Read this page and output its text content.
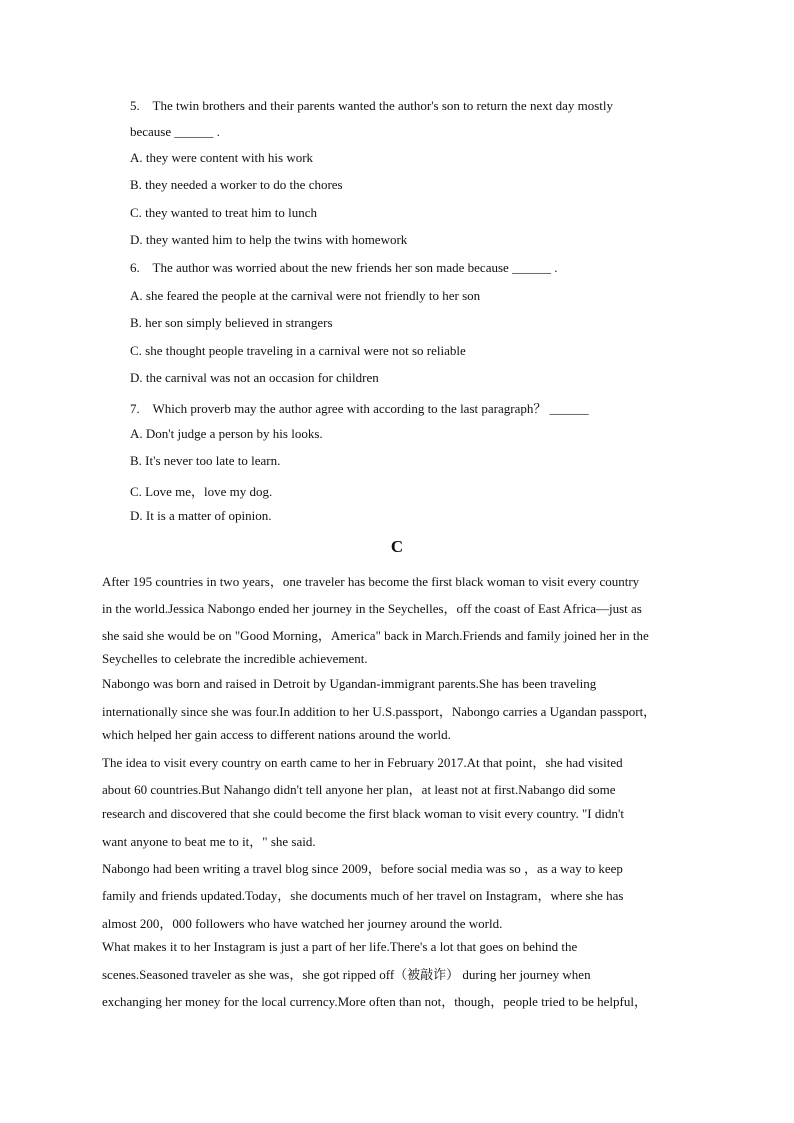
5.    The twin brothers and their parents wanted the author's son to return the next day mostly
because ______ .
A. they were content with his work
B. they needed a worker to do the chores
C. they wanted to treat him to lunch
D. they wanted him to help the twins with homework
6.    The author was worried about the new friends her son made because ______ .
A. she feared the people at the carnival were not friendly to her son
B. her son simply believed in strangers
C. she thought people traveling in a carnival were not so reliable
D. the carnival was not an occasion for children
7.    Which proverb may the author agree with according to the last paragraph？ ______
A. Don't judge a person by his looks.
B. It's never too late to learn.
C. Love me，love my dog.
D. It is a matter of opinion.
C
After 195 countries in two years，one traveler has become the first black woman to visit every country
in the world.Jessica Nabongo ended her journey in the Seychelles，off the coast of East Africa—just as
she said she would be on "Good Morning，America" back in March.Friends and family joined her in the
Seychelles to celebrate the incredible achievement.
Nabongo was born and raised in Detroit by Ugandan-immigrant parents.She has been traveling
internationally since she was four.In addition to her U.S.passport，Nabongo carries a Ugandan passport，
which helped her gain access to different nations around the world.
The idea to visit every country on earth came to her in February 2017.At that point，she had visited
about 60 countries.But Nahango didn't tell anyone her plan，at least not at first.Nabango did some
research and discovered that she could become the first black woman to visit every country. "I didn't
want anyone to beat me to it，" she said.
Nabongo had been writing a travel blog since 2009，before social media was so ，as a way to keep
family and friends updated.Today，she documents much of her travel on Instagram，where she has
almost 200，000 followers who have watched her journey around the world.
What makes it to her Instagram is just a part of her life.There's a lot that goes on behind the
scenes.Seasoned traveler as she was，she got ripped off（被敲诈） during her journey when
exchanging her money for the local currency.More often than not，though，people tried to be helpful，
